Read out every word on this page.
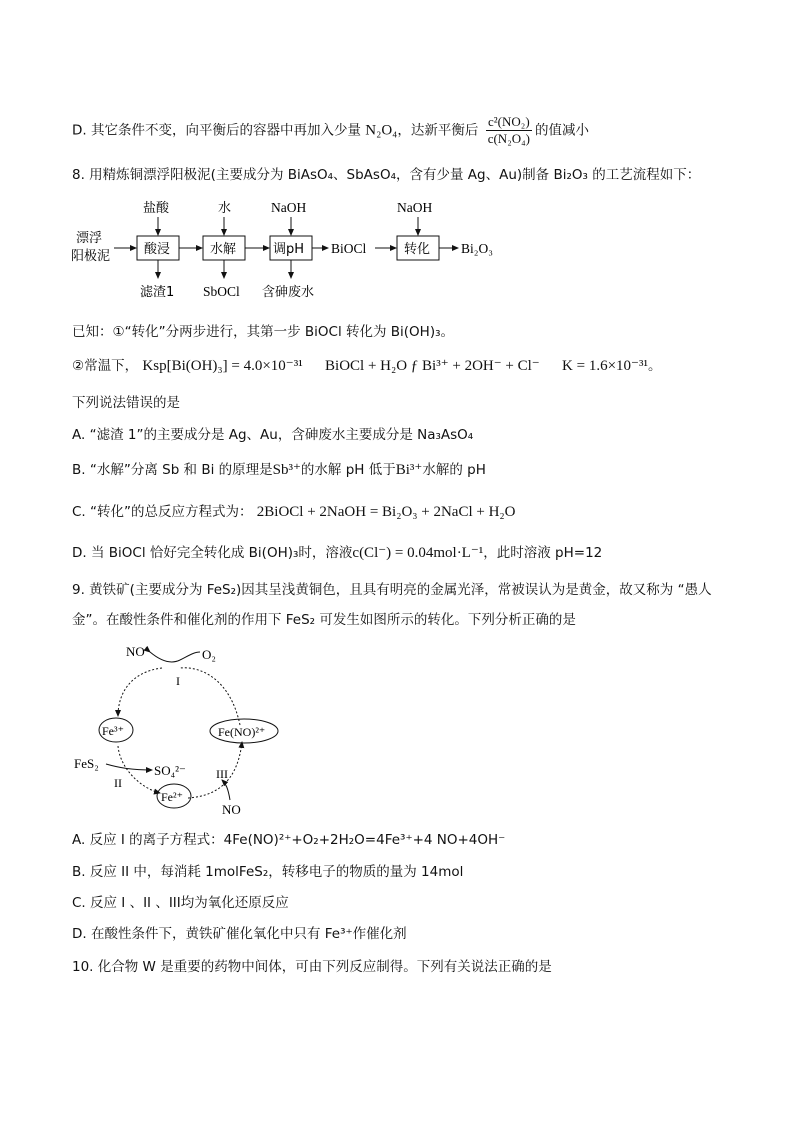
D. 其它条件不变，向平衡后的容器中再加入少量 N₂O₄，达新平衡后 $\frac{\text{c²(NO₂)}}{\text{c(N₂O₄)}}$ 的值减小
8. 用精炼铜漂浮阳极泥(主要成分为 BiAsO₄、SbAsO₄，含有少量 Ag、Au)制备 Bi₂O₃ 的工艺流程如下：
漂浮
阳极泥	酸浸
盐酸
滤渣1
水解
水
SbOCl
调pH
NaOH
含砷废水
BiOCl	转化
NaOH
Bi₂O₃
已知：①“转化”分两步进行，其第一步 BiOCl 转化为 Bi(OH)₃。
②常温下， Ksp[Bi(OH)₃] = 4.0×10⁻³¹ BiOCl + H₂O ƒ Bi³⁺ + 2OH⁻ + Cl⁻ K = 1.6×10⁻³¹。
下列说法错误的是
A. “滤渣 1”的主要成分是 Ag、Au，含砷废水主要成分是 Na₃AsO₄
B. “水解”分离 Sb 和 Bi 的原理是Sb³⁺的水解 pH 低于Bi³⁺水解的 pH
C. “转化”的总反应方程式为： 2BiOCl + 2NaOH = Bi₂O₃ + 2NaCl + H₂O
D. 当 BiOCl 恰好完全转化成 Bi(OH)₃时，溶液c(Cl⁻) = 0.04mol·L⁻¹，此时溶液 pH=12
9. 黄铁矿(主要成分为 FeS₂)因其呈浅黄铜色，且具有明亮的金属光泽，常被误认为是黄金，故又称为 “愚人
金”。在酸性条件和催化剂的作用下 FeS₂ 可发生如图所示的转化。下列分析正确的是
NO	O₂
I
Fe³⁺	Fe(NO)²⁺
FeS₂	SO₄²⁻
II
III
Fe²⁺
NO
A. 反应 I 的离子方程式：4Fe(NO)²⁺+O₂+2H₂O=4Fe³⁺+4 NO+4OH⁻
B. 反应 II 中，每消耗 1molFeS₂，转移电子的物质的量为 14mol
C. 反应 I 、II 、III均为氧化还原反应
D. 在酸性条件下，黄铁矿催化氧化中只有 Fe³⁺作催化剂
10. 化合物 W 是重要的药物中间体，可由下列反应制得。下列有关说法正确的是
